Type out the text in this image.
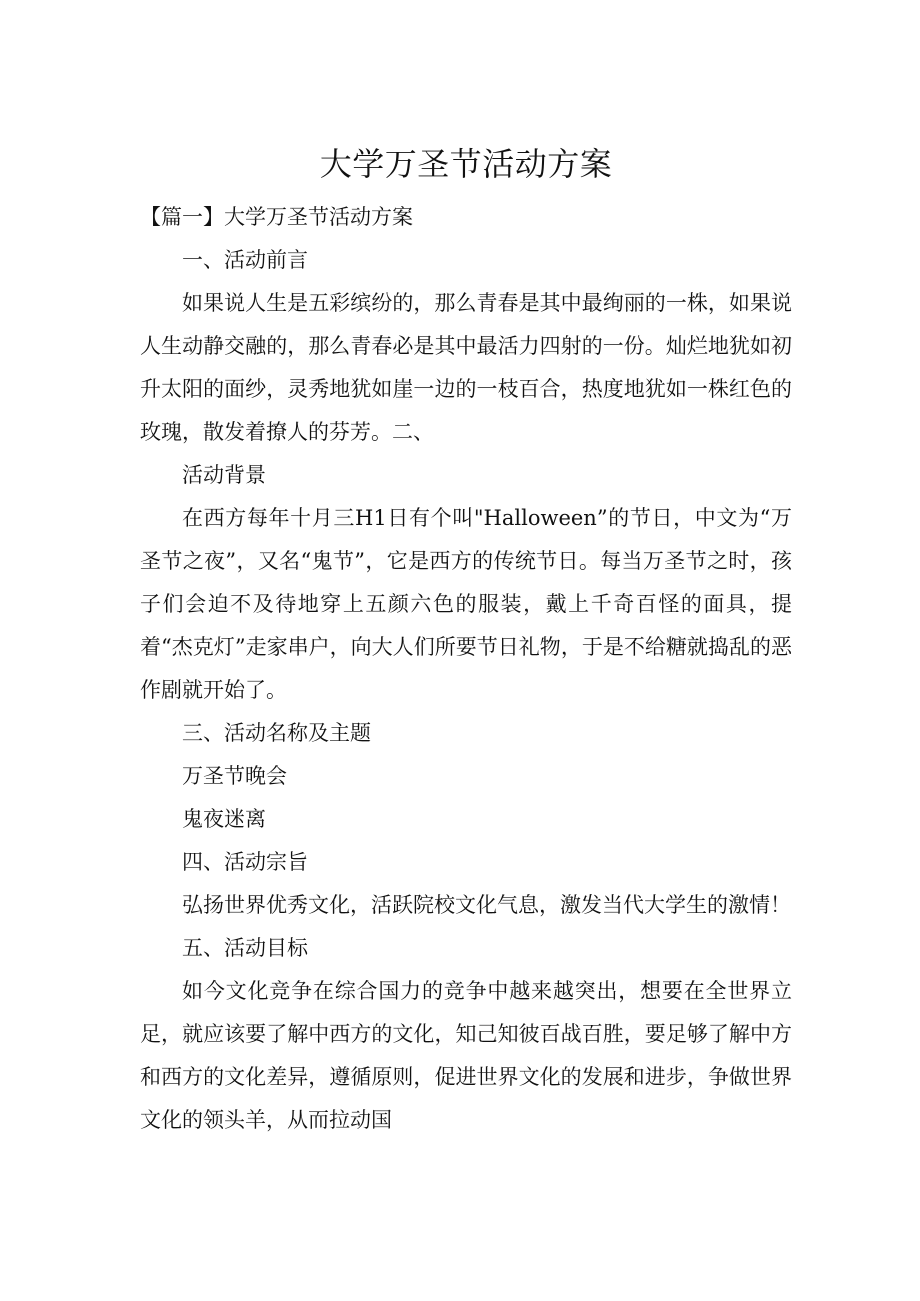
大学万圣节活动方案

【篇一】大学万圣节活动方案

一、活动前言

如果说人生是五彩缤纷的，那么青春是其中最绚丽的一株，如果说人生动静交融的，那么青春必是其中最活力四射的一份。灿烂地犹如初升太阳的面纱，灵秀地犹如崖一边的一枝百合，热度地犹如一株红色的玫瑰，散发着撩人的芬芳。二、

活动背景

在西方每年十月三H1日有个叫"Halloween”的节日，中文为“万圣节之夜”，又名“鬼节”，它是西方的传统节日。每当万圣节之时，孩子们会迫不及待地穿上五颜六色的服装，戴上千奇百怪的面具，提着“杰克灯”走家串户，向大人们所要节日礼物，于是不给糖就捣乱的恶作剧就开始了。

三、活动名称及主题

万圣节晚会

鬼夜迷离

四、活动宗旨

弘扬世界优秀文化，活跃院校文化气息，激发当代大学生的激情！

五、活动目标

如今文化竞争在综合国力的竞争中越来越突出，想要在全世界立足，就应该要了解中西方的文化，知己知彼百战百胜，要足够了解中方和西方的文化差异，遵循原则，促进世界文化的发展和进步，争做世界文化的领头羊，从而拉动国
